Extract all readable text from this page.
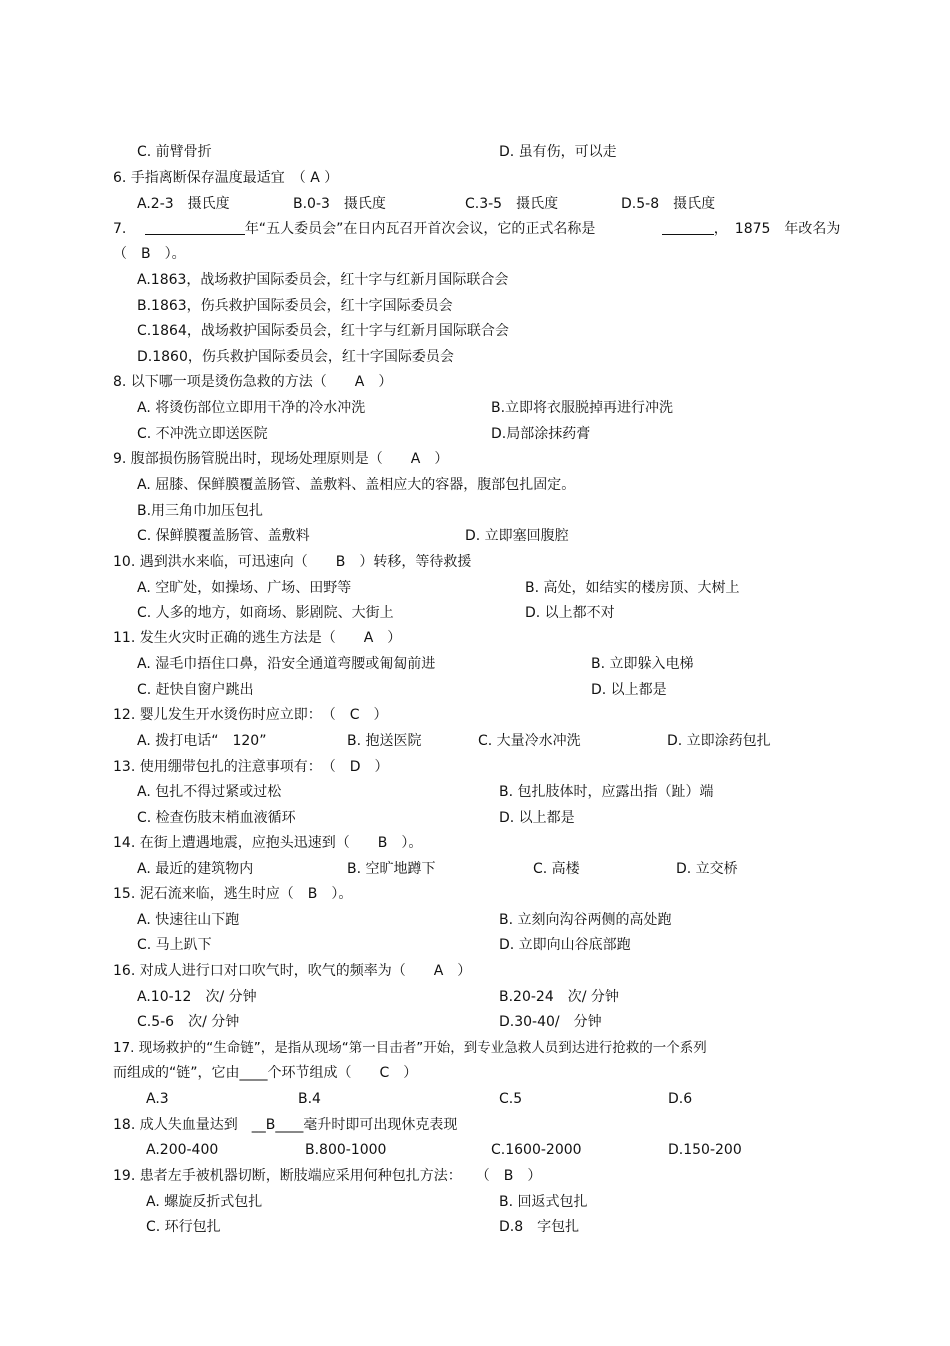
C. 前臂骨折	D. 虽有伤，可以走
6. 手指离断保存温度最适宜　（ A ）
A.2-3　摄氏度	B.0-3　摄氏度	C.3-5　摄氏度	D.5-8　摄氏度
7.	年“五人委员会”在日内瓦召开首次会议，它的正式名称是	，　1875　年改名为
（　B　）。
A.1863，战场救护国际委员会，红十字与红新月国际联合会
B.1863，伤兵救护国际委员会，红十字国际委员会
C.1864，战场救护国际委员会，红十字与红新月国际联合会
D.1860，伤兵救护国际委员会，红十字国际委员会
8. 以下哪一项是烫伤急救的方法（　　A　）
A. 将烫伤部位立即用干净的冷水冲洗	B.立即将衣服脱掉再进行冲洗
C. 不冲洗立即送医院	D.局部涂抹药膏
9. 腹部损伤肠管脱出时，现场处理原则是（　　A　）
A. 屈膝、保鲜膜覆盖肠管、盖敷料、盖相应大的容器，腹部包扎固定。
B.用三角巾加压包扎
C. 保鲜膜覆盖肠管、盖敷料	D. 立即塞回腹腔
10. 遇到洪水来临，可迅速向（　　B　）转移，等待救援
A. 空旷处，如操场、广场、田野等	B. 高处，如结实的楼房顶、大树上
C. 人多的地方，如商场、影剧院、大街上	D. 以上都不对
11. 发生火灾时正确的逃生方法是（　　A　）
A. 湿毛巾捂住口鼻，沿安全通道弯腰或匍匐前进	B. 立即躲入电梯
C. 赶快自窗户跳出	D. 以上都是
12. 婴儿发生开水烫伤时应立即：　（　C　）
A. 拨打电话“　120”	B. 抱送医院	C. 大量冷水冲洗	D. 立即涂药包扎
13. 使用绷带包扎的注意事项有：　（　D　）
A. 包扎不得过紧或过松	B. 包扎肢体时，应露出指（趾）端
C. 检查伤肢末梢血液循环	D. 以上都是
14. 在街上遭遇地震，应抱头迅速到（　　B　）。
A. 最近的建筑物内	B. 空旷地蹲下	C. 高楼	D. 立交桥
15. 泥石流来临，逃生时应（　B　）。
A. 快速往山下跑	B. 立刻向沟谷两侧的高处跑
C. 马上趴下	D. 立即向山谷底部跑
16. 对成人进行口对口吹气时，吹气的频率为（　　A　）
A.10-12　次/ 分钟	B.20-24　次/ 分钟
C.5-6　次/ 分钟	D.30-40/　分钟
17. 现场救护的“生命链”，是指从现场“第一目击者”开始，到专业急救人员到达进行抢救的一个系列
而组成的“链”，它由____个环节组成（　　C　）
A.3	B.4	C.5	D.6
18. 成人失血量达到　__B____毫升时即可出现休克表现
A.200-400	B.800-1000	C.1600-2000	D.150-200
19. 患者左手被机器切断，断肢端应采用何种包扎方法：　　（　B　）
A. 螺旋反折式包扎	B. 回返式包扎
C. 环行包扎	D.8　字包扎
